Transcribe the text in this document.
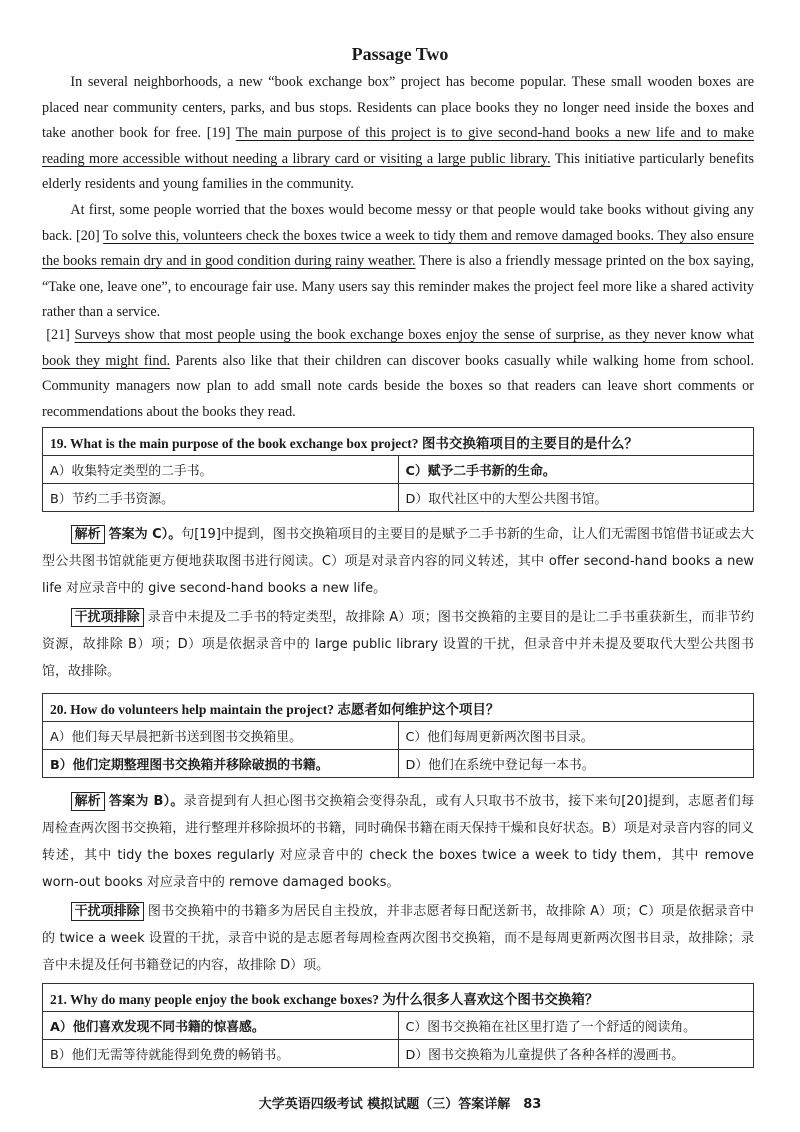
Passage Two

In several neighborhoods, a new “book exchange box” project has become popular. These small wooden boxes are placed near community centers, parks, and bus stops. Residents can place books they no longer need inside the boxes and take another book for free. [19] The main purpose of this project is to give second-hand books a new life and to make reading more accessible without needing a library card or visiting a large public library. This initiative particularly benefits elderly residents and young families in the community.

At first, some people worried that the boxes would become messy or that people would take books without giving any back. [20] To solve this, volunteers check the boxes twice a week to tidy them and remove damaged books. They also ensure the books remain dry and in good condition during rainy weather. There is also a friendly message printed on the box saying, “Take one, leave one”, to encourage fair use. Many users say this reminder makes the project feel more like a shared activity rather than a service.

[21] Surveys show that most people using the book exchange boxes enjoy the sense of surprise, as they never know what book they might find. Parents also like that their children can discover books casually while walking home from school. Community managers now plan to add small note cards beside the boxes so that readers can leave short comments or recommendations about the books they read.

19. What is the main purpose of the book exchange box project? 图书交换箱项目的主要目的是什么？	
A）收集特定类型的二手书。	C）赋予二手书新的生命。
B）节约二手书资源。	D）取代社区中的大型公共图书馆。

解析 答案为 C）。句[19]中提到，图书交换箱项目的主要目的是赋予二手书新的生命，让人们无需图书馆借书证或去大型公共图书馆就能更方便地获取图书进行阅读。C）项是对录音内容的同义转述，其中 offer second-hand books a new life 对应录音中的 give second-hand books a new life。

干扰项排除 录音中未提及二手书的特定类型，故排除 A）项；图书交换箱的主要目的是让二手书重获新生，而非节约资源，故排除 B）项；D）项是依据录音中的 large public library 设置的干扰，但录音中并未提及要取代大型公共图书馆，故排除。

20. How do volunteers help maintain the project? 志愿者如何维护这个项目？	
A）他们每天早晨把新书送到图书交换箱里。	C）他们每周更新两次图书目录。
B）他们定期整理图书交换箱并移除破损的书籍。	D）他们在系统中登记每一本书。

解析 答案为 B）。录音提到有人担心图书交换箱会变得杂乱，或有人只取书不放书，接下来句[20]提到，志愿者们每周检查两次图书交换箱，进行整理并移除损坏的书籍，同时确保书籍在雨天保持干燥和良好状态。B）项是对录音内容的同义转述，其中 tidy the boxes regularly 对应录音中的 check the boxes twice a week to tidy them，其中 remove worn-out books 对应录音中的 remove damaged books。

干扰项排除 图书交换箱中的书籍多为居民自主投放，并非志愿者每日配送新书，故排除 A）项；C）项是依据录音中的 twice a week 设置的干扰，录音中说的是志愿者每周检查两次图书交换箱，而不是每周更新两次图书目录，故排除；录音中未提及任何书籍登记的内容，故排除 D）项。

21. Why do many people enjoy the book exchange boxes? 为什么很多人喜欢这个图书交换箱？	
A）他们喜欢发现不同书籍的惊喜感。	C）图书交换箱在社区里打造了一个舒适的阅读角。
B）他们无需等待就能得到免费的畅销书。	D）图书交换箱为儿童提供了各种各样的漫画书。
大学英语四级考试 模拟试题（三）答案详解　83
